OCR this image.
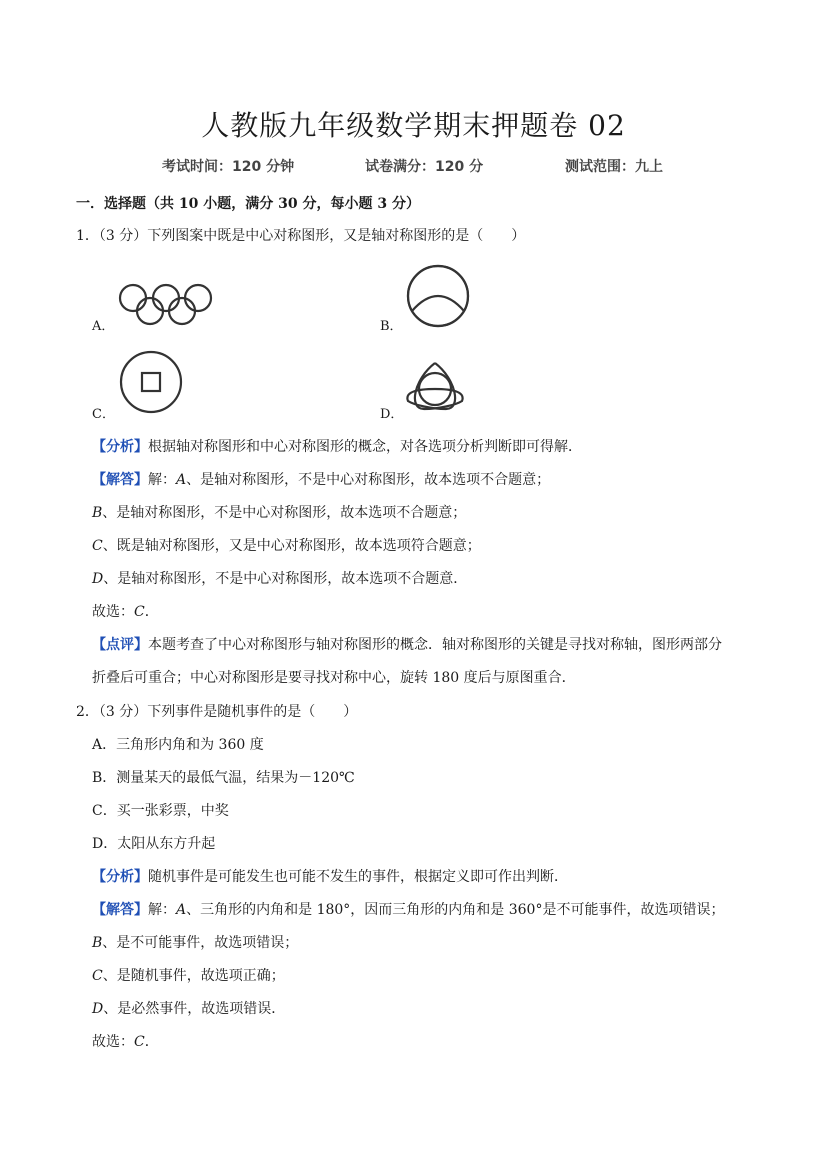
人教版九年级数学期末押题卷 02
考试时间：120 分钟	试卷满分：120 分	测试范围：九上
一．选择题（共 10 小题，满分 30 分，每小题 3 分）
1．（3 分）下列图案中既是中心对称图形，又是轴对称图形的是（　　）
A．	B．
C．	D．
【分析】根据轴对称图形和中心对称图形的概念，对各选项分析判断即可得解．
【解答】解：A、是轴对称图形，不是中心对称图形，故本选项不合题意；
B、是轴对称图形，不是中心对称图形，故本选项不合题意；
C、既是轴对称图形，又是中心对称图形，故本选项符合题意；
D、是轴对称图形，不是中心对称图形，故本选项不合题意．
故选：C．
【点评】本题考查了中心对称图形与轴对称图形的概念．轴对称图形的关键是寻找对称轴，图形两部分
折叠后可重合；中心对称图形是要寻找对称中心，旋转 180 度后与原图重合．
2．（3 分）下列事件是随机事件的是（　　）
A．三角形内角和为 360 度
B．测量某天的最低气温，结果为－120℃
C．买一张彩票，中奖
D．太阳从东方升起
【分析】随机事件是可能发生也可能不发生的事件，根据定义即可作出判断．
【解答】解：A、三角形的内角和是 180°，因而三角形的内角和是 360°是不可能事件，故选项错误；
B、是不可能事件，故选项错误；
C、是随机事件，故选项正确；
D、是必然事件，故选项错误．
故选：C．
